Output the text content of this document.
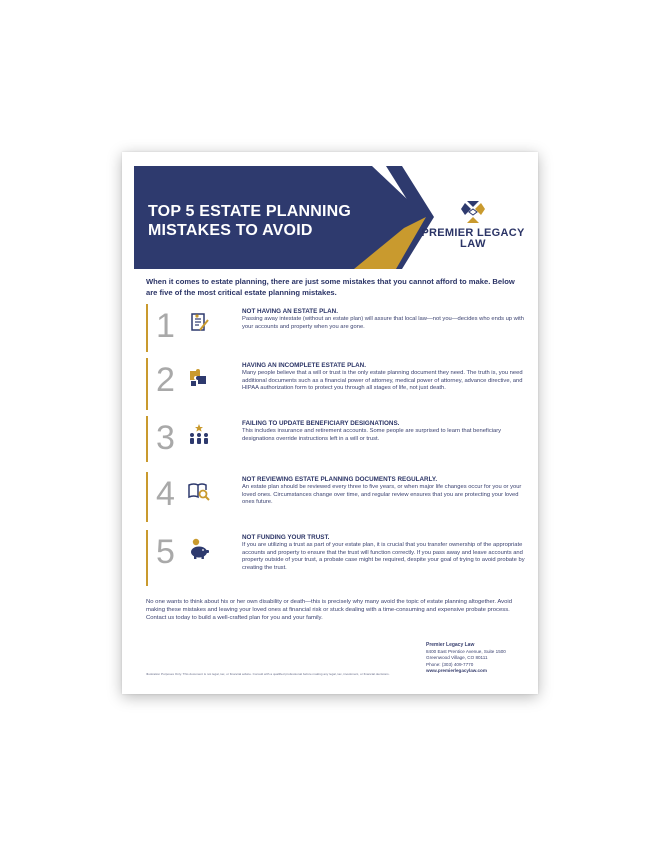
TOP 5 ESTATE PLANNING
MISTAKES TO AVOID	PREMIER LEGACY
LAW
When it comes to estate planning, there are just some mistakes that you cannot afford to make. Below are five of the most critical estate planning mistakes.
1	NOT HAVING AN ESTATE PLAN.
Passing away intestate (without an estate plan) will assure that local law—not you—decides who ends up with your accounts and property when you are gone.
2	HAVING AN INCOMPLETE ESTATE PLAN.
Many people believe that a will or trust is the only estate planning document they need. The truth is, you need additional documents such as a financial power of attorney, medical power of attorney, advance directive, and HIPAA authorization form to protect you through all stages of life, not just death.
3	FAILING TO UPDATE BENEFICIARY DESIGNATIONS.
This includes insurance and retirement accounts. Some people are surprised to learn that beneficiary designations override instructions left in a will or trust.
4	NOT REVIEWING ESTATE PLANNING DOCUMENTS REGULARLY.
An estate plan should be reviewed every three to five years, or when major life changes occur for you or your loved ones. Circumstances change over time, and regular review ensures that you are protecting your loved ones future.
5	NOT FUNDING YOUR TRUST.
If you are utilizing a trust as part of your estate plan, it is crucial that you transfer ownership of the appropriate accounts and property to ensure that the trust will function correctly. If you pass away and leave accounts and property outside of your trust, a probate case might be required, despite your goal of trying to avoid probate by creating the trust.
No one wants to think about his or her own disability or death—this is precisely why many avoid the topic of estate planning altogether. Avoid making these mistakes and leaving your loved ones at financial risk or stuck dealing with a time-consuming and expensive probate process. Contact us today to build a well-crafted plan for you and your family.
Premier Legacy Law
8400 East Prentice Avenue, Suite 1500
Greenwood Village, CO 80111
Phone: (303) 409-7770
www.premierlegacylaw.com
Illustration Purposes Only. This document is not legal, tax, or financial advice. Consult with a qualified professional before making any legal, tax, investment, or financial decisions.
